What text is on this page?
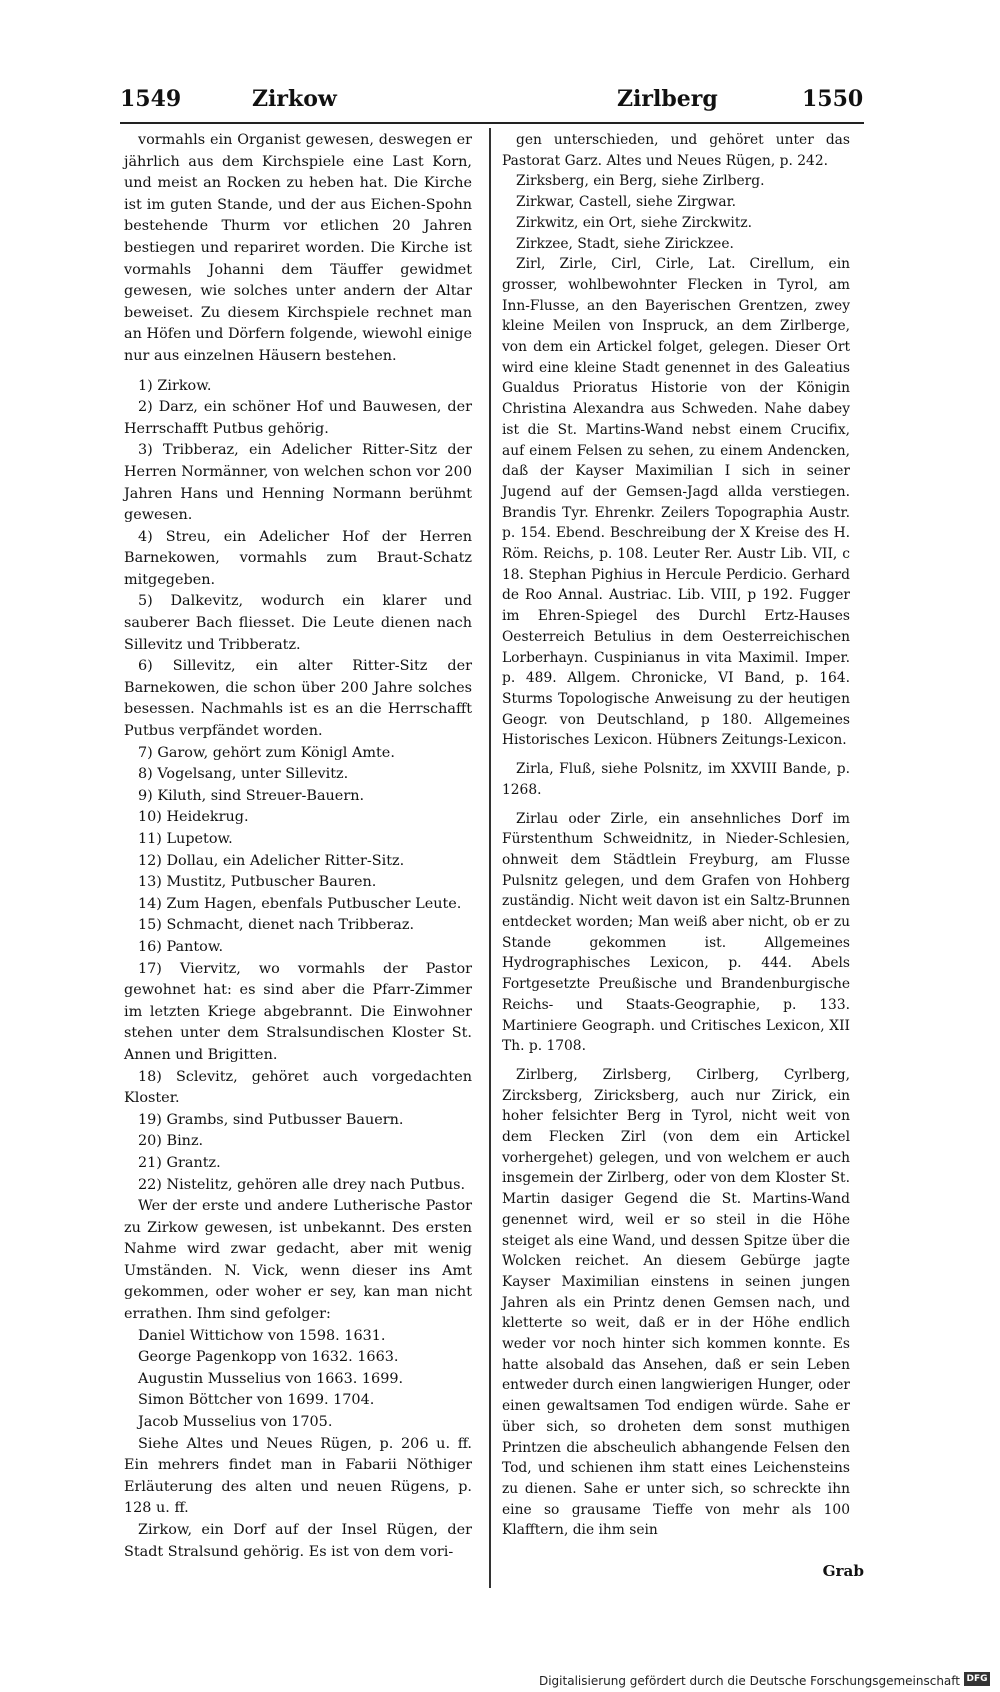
1549	Zirkow	Zirlberg	1550

vormahls ein Organist gewesen, deswegen er jährlich aus dem Kirchspiele eine Last Korn, und meist an Rocken zu heben hat. Die Kirche ist im guten Stande, und der aus Eichen-Spohn bestehende Thurm vor etlichen 20 Jahren bestiegen und repariret worden. Die Kirche ist vormahls Johanni dem Täuffer gewidmet gewesen, wie solches unter andern der Altar beweiset. Zu diesem Kirchspiele rechnet man an Höfen und Dörfern folgende, wiewohl einige nur aus einzelnen Häusern bestehen.

1) Zirkow.

2) Darz, ein schöner Hof und Bauwesen, der Herrschafft Putbus gehörig.

3) Tribberaz, ein Adelicher Ritter-Sitz der Herren Normänner, von welchen schon vor 200 Jahren Hans und Henning Normann berühmt gewesen.

4) Streu, ein Adelicher Hof der Herren Barnekowen, vormahls zum Braut-Schatz mitgegeben.

5) Dalkevitz, wodurch ein klarer und sauberer Bach fliesset. Die Leute dienen nach Sillevitz und Tribberatz.

6) Sillevitz, ein alter Ritter-Sitz der Barnekowen, die schon über 200 Jahre solches besessen. Nachmahls ist es an die Herrschafft Putbus verpfändet worden.

7) Garow, gehört zum Königl Amte.

8) Vogelsang, unter Sillevitz.

9) Kiluth, sind Streuer-Bauern.

10) Heidekrug.

11) Lupetow.

12) Dollau, ein Adelicher Ritter-Sitz.

13) Mustitz, Putbuscher Bauren.

14) Zum Hagen, ebenfals Putbuscher Leute.

15) Schmacht, dienet nach Tribberaz.

16) Pantow.

17) Viervitz, wo vormahls der Pastor gewohnet hat: es sind aber die Pfarr-Zimmer im letzten Kriege abgebrannt. Die Einwohner stehen unter dem Stralsundischen Kloster St. Annen und Brigitten.

18) Sclevitz, gehöret auch vorgedachten Kloster.

19) Grambs, sind Putbusser Bauern.

20) Binz.

21) Grantz.

22) Nistelitz, gehören alle drey nach Putbus.

Wer der erste und andere Lutherische Pastor zu Zirkow gewesen, ist unbekannt. Des ersten Nahme wird zwar gedacht, aber mit wenig Umständen. N. Vick, wenn dieser ins Amt gekommen, oder woher er sey, kan man nicht errathen. Ihm sind gefolger:

Daniel Wittichow von 1598. 1631.

George Pagenkopp von 1632. 1663.

Augustin Musselius von 1663. 1699.

Simon Böttcher von 1699. 1704.

Jacob Musselius von 1705.

Siehe Altes und Neues Rügen, p. 206 u. ff. Ein mehrers findet man in Fabarii Nöthiger Erläuterung des alten und neuen Rügens, p. 128 u. ff.

Zirkow, ein Dorf auf der Insel Rügen, der Stadt Stralsund gehörig. Es ist von dem vori-

gen unterschieden, und gehöret unter das Pastorat Garz. Altes und Neues Rügen, p. 242.

Zirksberg, ein Berg, siehe Zirlberg.

Zirkwar, Castell, siehe Zirgwar.

Zirkwitz, ein Ort, siehe Zirckwitz.

Zirkzee, Stadt, siehe Zirickzee.

Zirl, Zirle, Cirl, Cirle, Lat. Cirellum, ein grosser, wohlbewohnter Flecken in Tyrol, am Inn-Flusse, an den Bayerischen Grentzen, zwey kleine Meilen von Inspruck, an dem Zirlberge, von dem ein Artickel folget, gelegen. Dieser Ort wird eine kleine Stadt genennet in des Galeatius Gualdus Prioratus Historie von der Königin Christina Alexandra aus Schweden. Nahe dabey ist die St. Martins-Wand nebst einem Crucifix, auf einem Felsen zu sehen, zu einem Andencken, daß der Kayser Maximilian I sich in seiner Jugend auf der Gemsen-Jagd allda verstiegen. Brandis Tyr. Ehrenkr. Zeilers Topographia Austr. p. 154. Ebend. Beschreibung der X Kreise des H. Röm. Reichs, p. 108. Leuter Rer. Austr Lib. VII, c 18. Stephan Pighius in Hercule Perdicio. Gerhard de Roo Annal. Austriac. Lib. VIII, p 192. Fugger im Ehren-Spiegel des Durchl Ertz-Hauses Oesterreich Betulius in dem Oesterreichischen Lorberhayn. Cuspinianus in vita Maximil. Imper. p. 489. Allgem. Chronicke, VI Band, p. 164. Sturms Topologische Anweisung zu der heutigen Geogr. von Deutschland, p 180. Allgemeines Historisches Lexicon. Hübners Zeitungs-Lexicon.

Zirla, Fluß, siehe Polsnitz, im XXVIII Bande, p. 1268.

Zirlau oder Zirle, ein ansehnliches Dorf im Fürstenthum Schweidnitz, in Nieder-Schlesien, ohnweit dem Städtlein Freyburg, am Flusse Pulsnitz gelegen, und dem Grafen von Hohberg zuständig. Nicht weit davon ist ein Saltz-Brunnen entdecket worden; Man weiß aber nicht, ob er zu Stande gekommen ist. Allgemeines Hydrographisches Lexicon, p. 444. Abels Fortgesetzte Preußische und Brandenburgische Reichs- und Staats-Geographie, p. 133. Martiniere Geograph. und Critisches Lexicon, XII Th. p. 1708.

Zirlberg, Zirlsberg, Cirlberg, Cyrlberg, Zircksberg, Ziricksberg, auch nur Zirick, ein hoher felsichter Berg in Tyrol, nicht weit von dem Flecken Zirl (von dem ein Artickel vorhergehet) gelegen, und von welchem er auch insgemein der Zirlberg, oder von dem Kloster St. Martin dasiger Gegend die St. Martins-Wand genennet wird, weil er so steil in die Höhe steiget als eine Wand, und dessen Spitze über die Wolcken reichet. An diesem Gebürge jagte Kayser Maximilian einstens in seinen jungen Jahren als ein Printz denen Gemsen nach, und kletterte so weit, daß er in der Höhe endlich weder vor noch hinter sich kommen konnte. Es hatte alsobald das Ansehen, daß er sein Leben entweder durch einen langwierigen Hunger, oder einen gewaltsamen Tod endigen würde. Sahe er über sich, so droheten dem sonst muthigen Printzen die abscheulich abhangende Felsen den Tod, und schienen ihm statt eines Leichensteins zu dienen. Sahe er unter sich, so schreckte ihn eine so grausame Tieffe von mehr als 100 Klafftern, die ihm sein

Grab
Digitalisierung gefördert durch die Deutsche Forschungsgemeinschaft DFG
